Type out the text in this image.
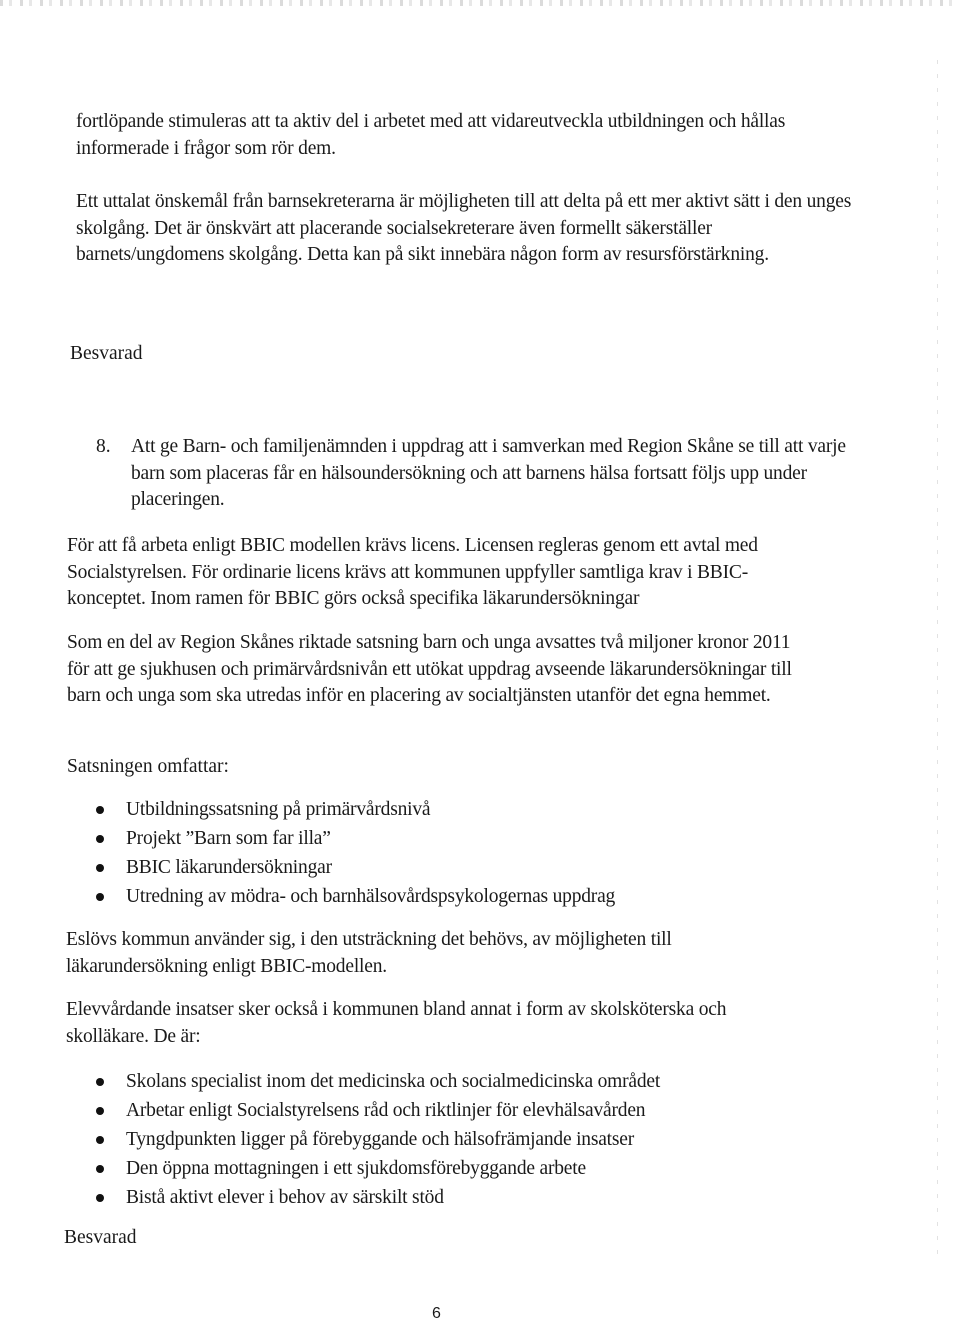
fortlöpande stimuleras att ta aktiv del i arbetet med att vidareutveckla utbildningen och hållas informerade i frågor som rör dem.

Ett uttalat önskemål från barnsekreterarna är möjligheten till att delta på ett mer aktivt sätt i den unges skolgång. Det är önskvärt att placerande socialsekreterare även formellt säkerställer barnets/ungdomens skolgång. Detta kan på sikt innebära någon form av resursförstärkning.

Besvarad

8. Att ge Barn- och familjenämnden i uppdrag att i samverkan med Region Skåne se till att varje barn som placeras får en hälsoundersökning och att barnens hälsa fortsatt följs upp under placeringen.

För att få arbeta enligt BBIC modellen krävs licens. Licensen regleras genom ett avtal med Socialstyrelsen. För ordinarie licens krävs att kommunen uppfyller samtliga krav i BBIC-konceptet. Inom ramen för BBIC görs också specifika läkarundersökningar

Som en del av Region Skånes riktade satsning barn och unga avsattes två miljoner kronor 2011 för att ge sjukhusen och primärvårdsnivån ett utökat uppdrag avseende läkarundersökningar till barn och unga som ska utredas inför en placering av socialtjänsten utanför det egna hemmet.

Satsningen omfattar:

Utbildningssatsning på primärvårdsnivå
Projekt ”Barn som far illa”
BBIC läkarundersökningar
Utredning av mödra- och barnhälsovårdspsykologernas uppdrag

Eslövs kommun använder sig, i den utsträckning det behövs, av möjligheten till läkarundersökning enligt BBIC-modellen.

Elevvårdande insatser sker också i kommunen bland annat i form av skolsköterska och skolläkare. De är:

Skolans specialist inom det medicinska och socialmedicinska området
Arbetar enligt Socialstyrelsens råd och riktlinjer för elevhälsavården
Tyngdpunkten ligger på förebyggande och hälsofrämjande insatser
Den öppna mottagningen i ett sjukdomsförebyggande arbete
Bistå aktivt elever i behov av särskilt stöd

Besvarad

6
